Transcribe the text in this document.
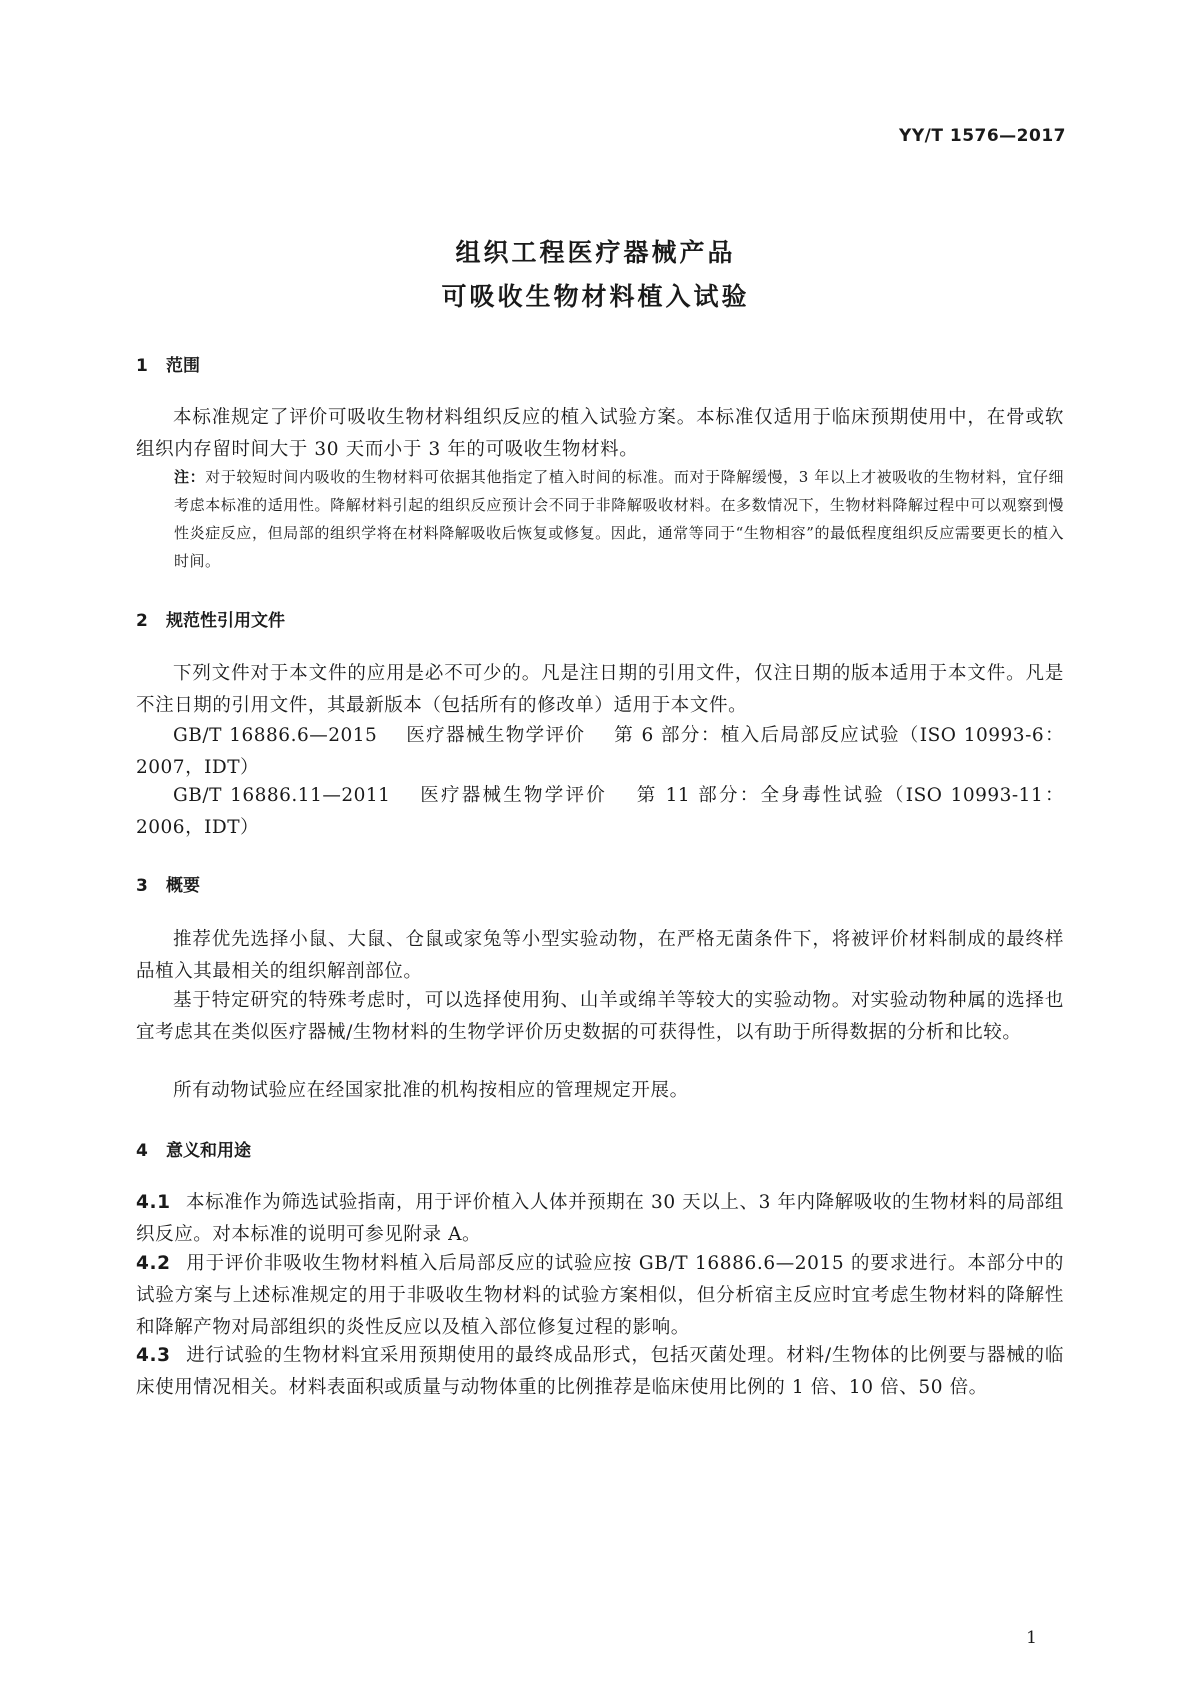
YY/T 1576—2017
组织工程医疗器械产品
可吸收生物材料植入试验
1 范围
本标准规定了评价可吸收生物材料组织反应的植入试验方案。本标准仅适用于临床预期使用中，在骨或软组织内存留时间大于 30 天而小于 3 年的可吸收生物材料。
注：对于较短时间内吸收的生物材料可依据其他指定了植入时间的标准。而对于降解缓慢，3 年以上才被吸收的生物材料，宜仔细考虑本标准的适用性。降解材料引起的组织反应预计会不同于非降解吸收材料。在多数情况下，生物材料降解过程中可以观察到慢性炎症反应，但局部的组织学将在材料降解吸收后恢复或修复。因此，通常等同于“生物相容”的最低程度组织反应需要更长的植入时间。
2 规范性引用文件
下列文件对于本文件的应用是必不可少的。凡是注日期的引用文件，仅注日期的版本适用于本文件。凡是不注日期的引用文件，其最新版本（包括所有的修改单）适用于本文件。
GB/T 16886.6—2015 医疗器械生物学评价 第 6 部分：植入后局部反应试验（ISO 10993-6：2007，IDT）
GB/T 16886.11—2011 医疗器械生物学评价 第 11 部分：全身毒性试验（ISO 10993-11：2006，IDT）
3 概要
推荐优先选择小鼠、大鼠、仓鼠或家兔等小型实验动物，在严格无菌条件下，将被评价材料制成的最终样品植入其最相关的组织解剖部位。
基于特定研究的特殊考虑时，可以选择使用狗、山羊或绵羊等较大的实验动物。对实验动物种属的选择也宜考虑其在类似医疗器械/生物材料的生物学评价历史数据的可获得性，以有助于所得数据的分析和比较。
所有动物试验应在经国家批准的机构按相应的管理规定开展。
4 意义和用途
4.1 本标准作为筛选试验指南，用于评价植入人体并预期在 30 天以上、3 年内降解吸收的生物材料的局部组织反应。对本标准的说明可参见附录 A。
4.2 用于评价非吸收生物材料植入后局部反应的试验应按 GB/T 16886.6—2015 的要求进行。本部分中的试验方案与上述标准规定的用于非吸收生物材料的试验方案相似，但分析宿主反应时宜考虑生物材料的降解性和降解产物对局部组织的炎性反应以及植入部位修复过程的影响。
4.3 进行试验的生物材料宜采用预期使用的最终成品形式，包括灭菌处理。材料/生物体的比例要与器械的临床使用情况相关。材料表面积或质量与动物体重的比例推荐是临床使用比例的 1 倍、10 倍、50 倍。
1
